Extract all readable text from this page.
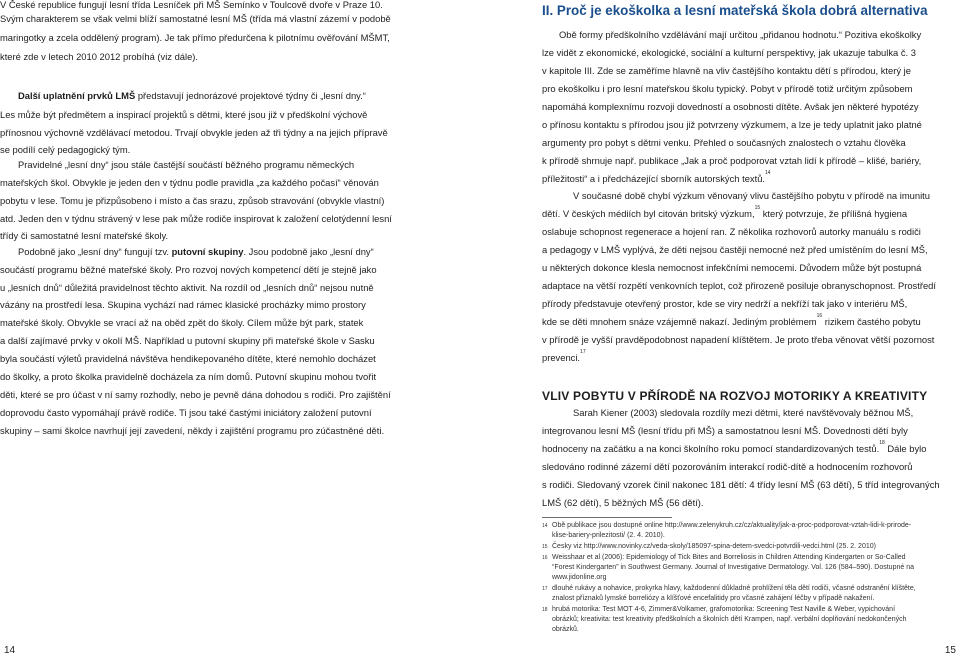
V České republice fungují lesní třída Lesníček při MŠ Semínko v Toulcově dvoře v Praze 10.
Svým charakterem se však velmi blíží samostatné lesní MŠ (třída má vlastní zázemí v podobě
maringotky a zcela oddělený program). Je tak přímo předurčena k pilotnímu ověřování MŠMT,
které zde v letech 2010 2012 probíhá (viz dále).
Další uplatnění prvků LMŠ představují jednorázové projektové týdny či „lesní dny.“
Les může být předmětem a inspirací projektů s dětmi, které jsou již v předškolní výchově
přínosnou výchovně vzdělávací metodou. Trvají obvykle jeden až tři týdny a na jejich přípravě
se podílí celý pedagogický tým.
Pravidelné „lesní dny“ jsou stále častější součástí běžného programu německých
mateřských škol. Obvykle je jeden den v týdnu podle pravidla „za každého počasí“ věnován
pobytu v lese. Tomu je přizpůsobeno i místo a čas srazu, způsob stravování (obvykle vlastní)
atd. Jeden den v týdnu strávený v lese pak může rodiče inspirovat k založení celotýdenní lesní
třídy či samostatné lesní mateřské školy.
Podobně jako „lesní dny“ fungují tzv. putovní skupiny. Jsou podobně jako „lesní dny“
součástí programu běžné mateřské školy. Pro rozvoj nových kompetencí dětí je stejně jako
u „lesních dnů“ důležitá pravidelnost těchto aktivit. Na rozdíl od „lesních dnů“ nejsou nutně
vázány na prostředí lesa. Skupina vychází nad rámec klasické procházky mimo prostory
mateřské školy. Obvykle se vrací až na oběd zpět do školy. Cílem může být park, statek
a další zajímavé prvky v okolí MŠ. Například u putovní skupiny při mateřské škole v Sasku
byla součástí výletů pravidelná návštěva hendikepovaného dítěte, které nemohlo docházet
do školky, a proto školka pravidelně docházela za ním domů. Putovní skupinu mohou tvořit
děti, které se pro účast v ní samy rozhodly, nebo je pevně dána dohodou s rodiči. Pro zajištění
doprovodu často vypomáhají právě rodiče. Ti jsou také častými iniciátory založení putovní
skupiny – sami školce navrhují její zavedení, někdy i zajištění programu pro zúčastněné děti.
14
II. Proč je ekoškolka a lesní mateřská škola dobrá alternativa
Obě formy předškolního vzdělávání mají určitou „přidanou hodnotu.“ Pozitiva ekoškolky
lze vidět z ekonomické, ekologické, sociální a kulturní perspektivy, jak ukazuje tabulka č. 3
v kapitole III. Zde se zaměříme hlavně na vliv častějšího kontaktu dětí s přírodou, který je
pro ekoškolku i pro lesní mateřskou školu typický. Pobyt v přírodě totiž určitým způsobem
napomáhá komplexnímu rozvoji dovedností a osobnosti dítěte. Avšak jen některé hypotézy
o přínosu kontaktu s přírodou jsou již potvrzeny výzkumem, a lze je tedy uplatnit jako platné
argumenty pro pobyt s dětmi venku. Přehled o současných znalostech o vztahu člověka
k přírodě shrnuje např. publikace „Jak a proč podporovat vztah lidí k přírodě – klišé, bariéry,
příležitosti“ a i předcházející sborník autorských textů.$^{14}$
V současné době chybí výzkum věnovaný vlivu častějšího pobytu v přírodě na imunitu
dětí. V českých médiích byl citován britský výzkum,$^{15}$ který potvrzuje, že přílišná hygiena
oslabuje schopnost regenerace a hojení ran. Z několika rozhovorů autorky manuálu s rodiči
a pedagogy v LMŠ vyplývá, že děti nejsou častěji nemocné než před umístěním do lesní MŠ,
u některých dokonce klesla nemocnost infekčními nemocemi. Důvodem může být postupná
adaptace na větší rozpětí venkovních teplot, což přirozeně posiluje obranyschopnost. Prostředí
přírody představuje otevřený prostor, kde se viry nedrží a nekříží tak jako v interiéru MŠ,
kde se děti mnohem snáze vzájemně nakazí. Jediným problémem$^{16}$ rizikem častého pobytu
v přírodě je vyšší pravděpodobnost napadení klíštětem. Je proto třeba věnovat větší pozornost
prevenci.$^{17}$
VLIV POBYTU V PŘÍRODĚ NA ROZVOJ MOTORIKY A KREATIVITY
Sarah Kiener (2003) sledovala rozdíly mezi dětmi, které navštěvovaly běžnou MŠ,
integrovanou lesní MŠ (lesní třídu při MŠ) a samostatnou lesní MŠ. Dovednosti dětí byly
hodnoceny na začátku a na konci školního roku pomocí standardizovaných testů.$^{18}$ Dále bylo
sledováno rodinné zázemí dětí pozorováním interakcí rodič-dítě a hodnocením rozhovorů
s rodiči. Sledovaný vzorek činil nakonec 181 dětí: 4 třídy lesní MŠ (63 dětí), 5 tříd integrovaných
LMŠ (62 dětí), 5 běžných MŠ (56 dětí).
14 Obě publikace jsou dostupné online http://www.zelenykruh.cz/cz/aktuality/jak-a-proc-podporovat-vztah-lidi-k-prirode-
klise-bariery-prilezitosti/ (2. 4. 2010).
15 Česky viz http://www.novinky.cz/veda-skoly/185097-spina-detem-svedci-potvrdili-vedci.html (25. 2. 2010)
16 Weisshaar et al (2006): Epidemiology of Tick Bites and Borreliosis in Children Attending Kindergarten or So-Called
“Forest Kindergarten” in Southwest Germany. Journal of Investigative Dermatology. Vol. 126 (584–590). Dostupné na
www.jidonline.org
17 dlouhé rukávy a nohavice, prokyrka hlavy, každodenní důkladné prohlížení těla dětí rodiči, včasné odstranění klíštěte,
znalost příznaků lymské borreliózy a klíšťové encefalitidy pro včasné zahájení léčby v případě nakažení.
18 hrubá motorika: Test MOT 4-6, Zimmer&Volkamer, grafomotorika: Screening Test Naville & Weber, vypichování
obrázků; kreativita: test kreativity předškolních a školních dětí Krampen, např. verbální doplňování nedokončených
obrázků.
15
